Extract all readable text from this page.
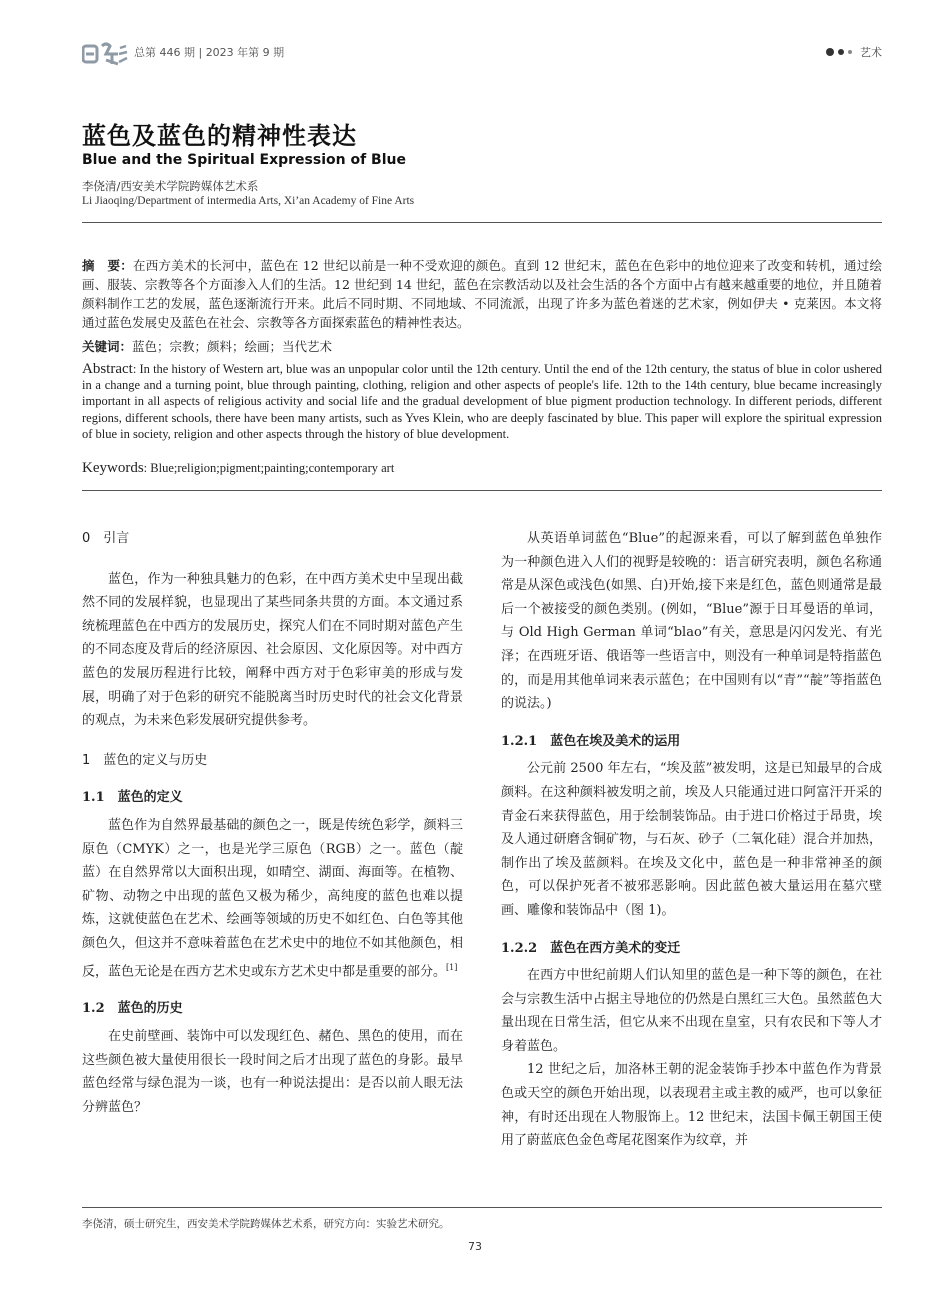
总第 446 期 | 2023 年第 9 期	艺术
蓝色及蓝色的精神性表达
Blue and the Spiritual Expression of Blue
李侥清/西安美术学院跨媒体艺术系
Li Jiaoqing/Department of intermedia Arts, Xi’an Academy of Fine Arts

摘　要：在西方美术的长河中，蓝色在 12 世纪以前是一种不受欢迎的颜色。直到 12 世纪末，蓝色在色彩中的地位迎来了改变和转机，通过绘画、服装、宗教等各个方面渗入人们的生活。12 世纪到 14 世纪，蓝色在宗教活动以及社会生活的各个方面中占有越来越重要的地位，并且随着颜料制作工艺的发展，蓝色逐渐流行开来。此后不同时期、不同地域、不同流派，出现了许多为蓝色着迷的艺术家，例如伊夫 • 克莱因。本文将通过蓝色发展史及蓝色在社会、宗教等各方面探索蓝色的精神性表达。

关键词：蓝色；宗教；颜料；绘画；当代艺术

Abstract: In the history of Western art, blue was an unpopular color until the 12th century. Until the end of the 12th century, the status of blue in color ushered in a change and a turning point, blue through painting, clothing, religion and other aspects of people's life. 12th to the 14th century, blue became increasingly important in all aspects of religious activity and social life and the gradual development of blue pigment production technology. In different periods, different regions, different schools, there have been many artists, such as Yves Klein, who are deeply fascinated by blue. This paper will explore the spiritual expression of blue in society, religion and other aspects through the history of blue development.

Keywords: Blue;religion;pigment;painting;contemporary art

0　引言

蓝色，作为一种独具魅力的色彩，在中西方美术史中呈现出截然不同的发展样貌，也显现出了某些同条共贯的方面。本文通过系统梳理蓝色在中西方的发展历史，探究人们在不同时期对蓝色产生的不同态度及背后的经济原因、社会原因、文化原因等。对中西方蓝色的发展历程进行比较，阐释中西方对于色彩审美的形成与发展，明确了对于色彩的研究不能脱离当时历史时代的社会文化背景的观点，为未来色彩发展研究提供参考。

1　蓝色的定义与历史
1.1　蓝色的定义

蓝色作为自然界最基础的颜色之一，既是传统色彩学，颜料三原色（CMYK）之一，也是光学三原色（RGB）之一。蓝色（靛蓝）在自然界常以大面积出现，如晴空、湖面、海面等。在植物、矿物、动物之中出现的蓝色又极为稀少，高纯度的蓝色也难以提炼，这就使蓝色在艺术、绘画等领域的历史不如红色、白色等其他颜色久，但这并不意味着蓝色在艺术史中的地位不如其他颜色，相反，蓝色无论是在西方艺术史或东方艺术史中都是重要的部分。[1]

1.2　蓝色的历史

在史前壁画、装饰中可以发现红色、赭色、黑色的使用，而在这些颜色被大量使用很长一段时间之后才出现了蓝色的身影。最早蓝色经常与绿色混为一谈，也有一种说法提出：是否以前人眼无法分辨蓝色？

从英语单词蓝色“Blue”的起源来看，可以了解到蓝色单独作为一种颜色进入人们的视野是较晚的：语言研究表明，颜色名称通常是从深色或浅色(如黑、白)开始,接下来是红色，蓝色则通常是最后一个被接受的颜色类别。(例如，“Blue”源于日耳曼语的单词，与 Old High German 单词“blao”有关，意思是闪闪发光、有光泽；在西班牙语、俄语等一些语言中，则没有一种单词是特指蓝色的，而是用其他单词来表示蓝色；在中国则有以“青”“靛”等指蓝色的说法。)

1.2.1　蓝色在埃及美术的运用

公元前 2500 年左右，“埃及蓝”被发明，这是已知最早的合成颜料。在这种颜料被发明之前，埃及人只能通过进口阿富汗开采的青金石来获得蓝色，用于绘制装饰品。由于进口价格过于昂贵，埃及人通过研磨含铜矿物，与石灰、砂子（二氧化硅）混合并加热，制作出了埃及蓝颜料。在埃及文化中，蓝色是一种非常神圣的颜色，可以保护死者不被邪恶影响。因此蓝色被大量运用在墓穴壁画、雕像和装饰品中（图 1)。

1.2.2　蓝色在西方美术的变迁

在西方中世纪前期人们认知里的蓝色是一种下等的颜色，在社会与宗教生活中占据主导地位的仍然是白黑红三大色。虽然蓝色大量出现在日常生活，但它从来不出现在皇室，只有农民和下等人才身着蓝色。

12 世纪之后，加洛林王朝的泥金装饰手抄本中蓝色作为背景色或天空的颜色开始出现，以表现君主或主教的威严，也可以象征神，有时还出现在人物服饰上。12 世纪末，法国卡佩王朝国王使用了蔚蓝底色金色鸢尾花图案作为纹章，并

李侥清，硕士研究生，西安美术学院跨媒体艺术系，研究方向：实验艺术研究。
73
